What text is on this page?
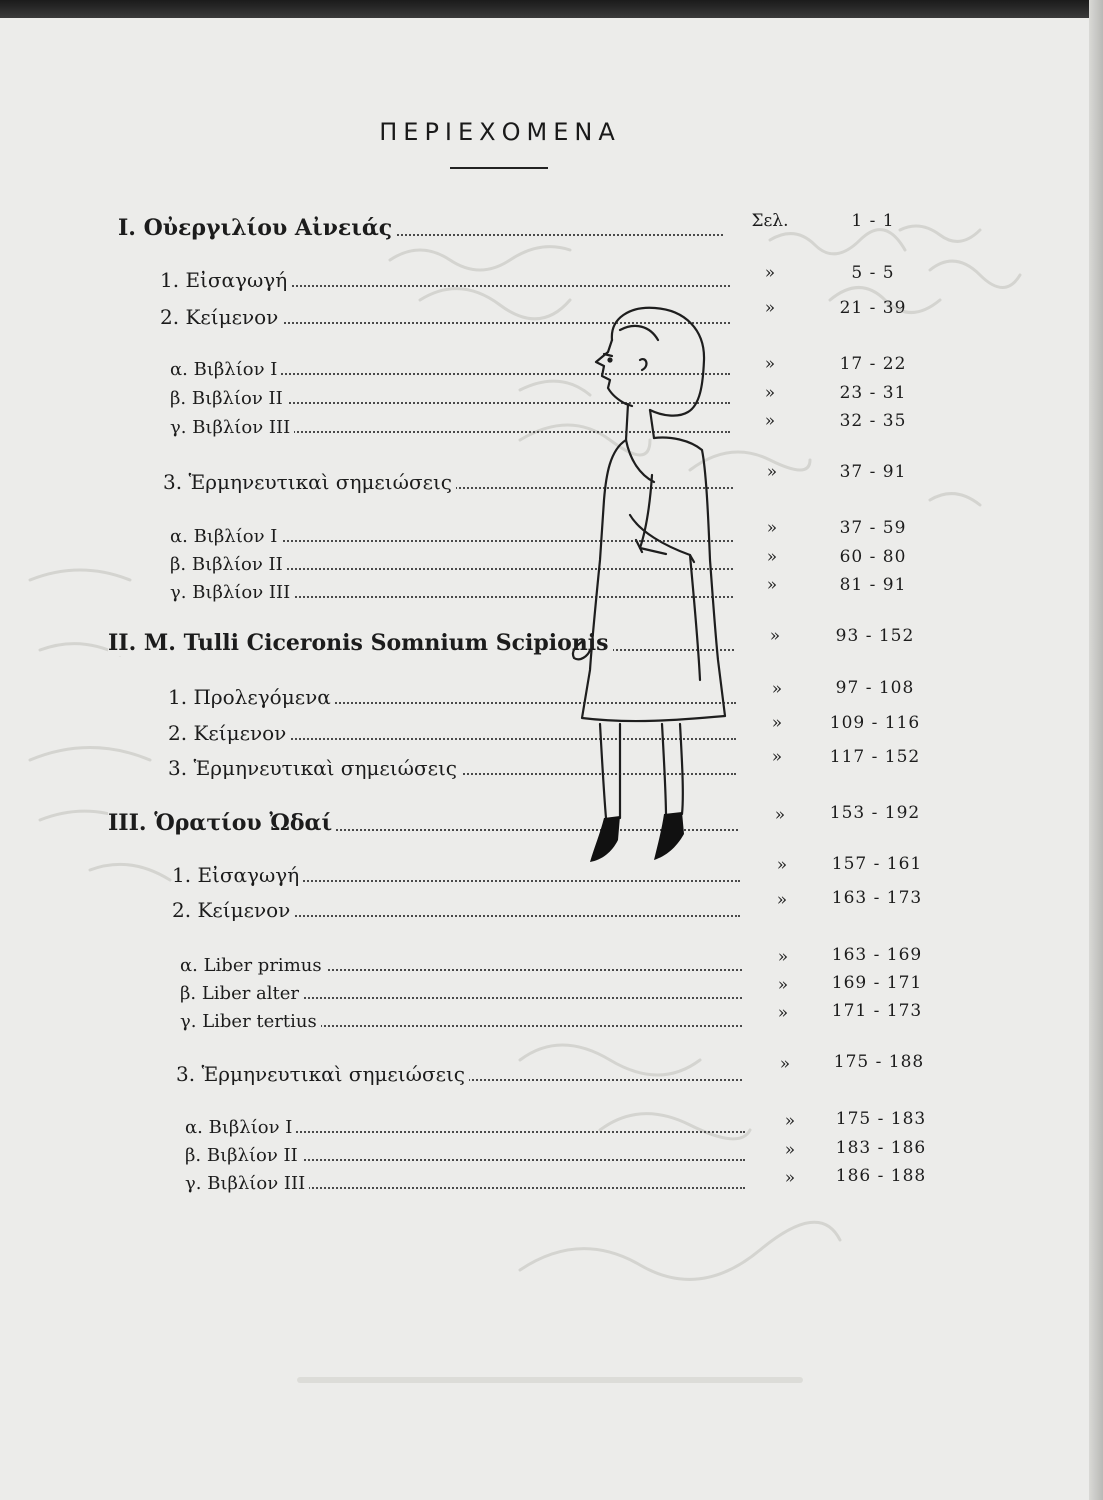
ΠΕΡΙΕΧΟΜΕΝΑ
I. Οὐεργιλίου Αἰνειάς	Σελ.	1 - 1
1. Εἰσαγωγή	»	5 - 5
2. Κείμενον	»	21 - 39
α. Βιβλίον I	»	17 - 22
β. Βιβλίον II	»	23 - 31
γ. Βιβλίον III	»	32 - 35
3. Ἑρμηνευτικαὶ σημειώσεις	»	37 - 91
α. Βιβλίον I	»	37 - 59
β. Βιβλίον II	»	60 - 80
γ. Βιβλίον III	»	81 - 91
II. M. Tulli Ciceronis Somnium Scipionis	»	93 - 152
1. Προλεγόμενα	»	97 - 108
2. Κείμενον	»	109 - 116
3. Ἑρμηνευτικαὶ σημειώσεις	»	117 - 152
III. Ὁρατίου Ὠδαί	»	153 - 192
1. Εἰσαγωγή	»	157 - 161
2. Κείμενον	»	163 - 173
α. Liber primus	»	163 - 169
β. Liber alter	»	169 - 171
γ. Liber tertius	»	171 - 173
3. Ἑρμηνευτικαὶ σημειώσεις	»	175 - 188
α. Βιβλίον I	»	175 - 183
β. Βιβλίον II	»	183 - 186
γ. Βιβλίον III	»	186 - 188
